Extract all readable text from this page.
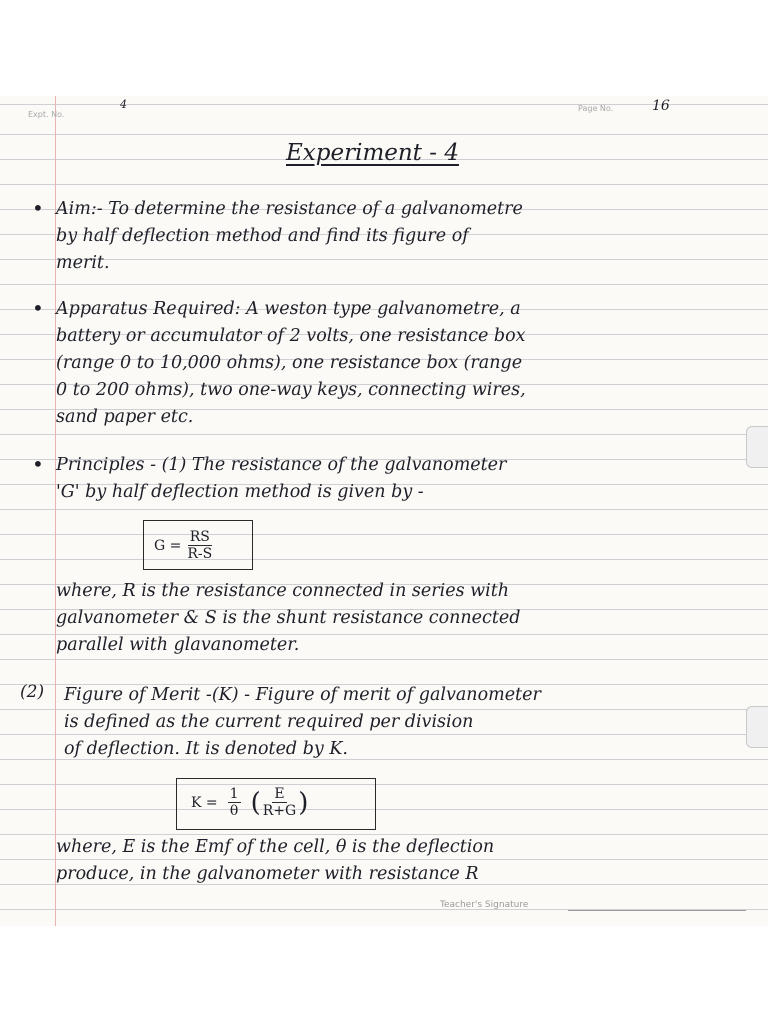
Expt. No.
4	Page No.	16
Experiment - 4
• Aim:- To determine the resistance of a galvanometre
by half deflection method and find its figure of
merit.
• Apparatus Required: A weston type galvanometre, a
battery or accumulator of 2 volts, one resistance box
(range 0 to 10,000 ohms), one resistance box (range
0 to 200 ohms), two one-way keys, connecting wires,
sand paper etc.
• Principles - (1) The resistance of the galvanometer
'G' by half deflection method is given by -
$G = \frac{RS}{R-S}$
where, R is the resistance connected in series with
galvanometer & S is the shunt resistance connected
parallel with glavanometer.
(2) Figure of Merit -(K) - Figure of merit of galvanometer
is defined as the current required per division
of deflection. It is denoted by K.
$K = \frac{1}{\theta}$ ( $\frac{E}{R+G}$ )
where, E is the Emf of the cell, θ is the deflection
produce, in the galvanometer with resistance R
Teacher's Signature
